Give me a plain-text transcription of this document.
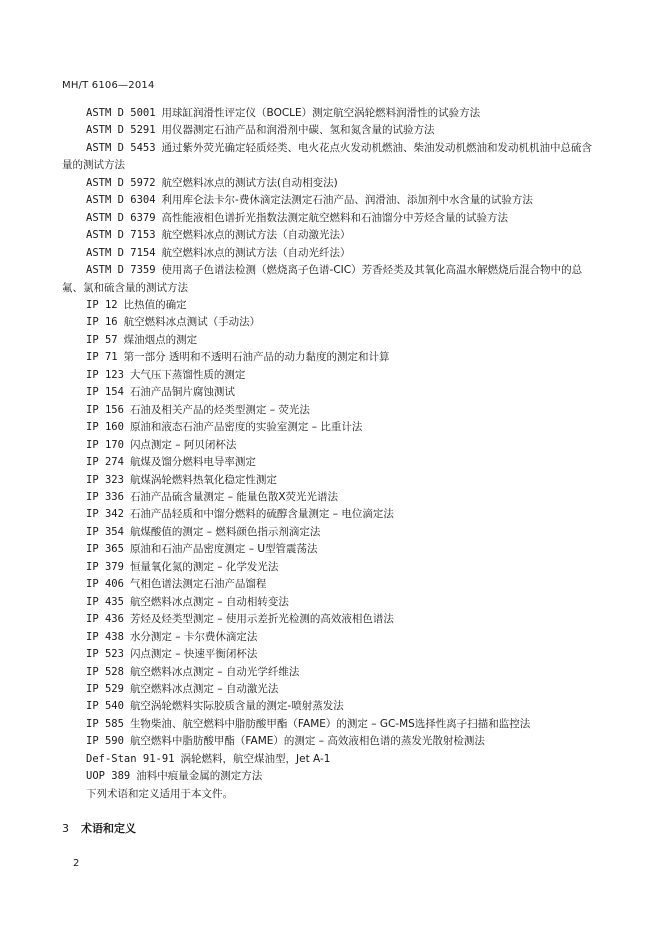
MH/T 6106—2014

ASTM D 5001 用球缸润滑性评定仪（BOCLE）测定航空涡轮燃料润滑性的试验方法

ASTM D 5291 用仪器测定石油产品和润滑剂中碳、氢和氮含量的试验方法

ASTM D 5453 通过紫外荧光确定轻质烃类、电火花点火发动机燃油、柴油发动机燃油和发动机机油中总硫含量的测试方法

ASTM D 5972 航空燃料冰点的测试方法(自动相变法)

ASTM D 6304 利用库仑法卡尔-费休滴定法测定石油产品、润滑油、添加剂中水含量的试验方法

ASTM D 6379 高性能液相色谱折光指数法测定航空燃料和石油馏分中芳烃含量的试验方法

ASTM D 7153 航空燃料冰点的测试方法（自动激光法）

ASTM D 7154 航空燃料冰点的测试方法（自动光纤法）

ASTM D 7359 使用离子色谱法检测（燃烧离子色谱-CIC）芳香烃类及其氧化高温水解燃烧后混合物中的总氟、氯和硫含量的测试方法

IP 12 比热值的确定

IP 16 航空燃料冰点测试（手动法）

IP 57 煤油烟点的测定

IP 71 第一部分 透明和不透明石油产品的动力黏度的测定和计算

IP 123 大气压下蒸馏性质的测定

IP 154 石油产品铜片腐蚀测试

IP 156 石油及相关产品的烃类型测定 – 荧光法

IP 160 原油和液态石油产品密度的实验室测定 – 比重计法

IP 170 闪点测定 – 阿贝闭杯法

IP 274 航煤及馏分燃料电导率测定

IP 323 航煤涡轮燃料热氧化稳定性测定

IP 336 石油产品硫含量测定 – 能量色散X荧光光谱法

IP 342 石油产品轻质和中馏分燃料的硫醇含量测定 – 电位滴定法

IP 354 航煤酸值的测定 – 燃料颜色指示剂滴定法

IP 365 原油和石油产品密度测定 – U型管震荡法

IP 379 恒量氧化氮的测定 – 化学发光法

IP 406 气相色谱法测定石油产品馏程

IP 435 航空燃料冰点测定 – 自动相转变法

IP 436 芳烃及烃类型测定 – 使用示差折光检测的高效液相色谱法

IP 438 水分测定 – 卡尔费休滴定法

IP 523 闪点测定 – 快速平衡闭杯法

IP 528 航空燃料冰点测定 – 自动光学纤维法

IP 529 航空燃料冰点测定 – 自动激光法

IP 540 航空涡轮燃料实际胶质含量的测定-喷射蒸发法

IP 585 生物柴油、航空燃料中脂肪酸甲酯（FAME）的测定 – GC-MS选择性离子扫描和监控法

IP 590 航空燃料中脂肪酸甲酯（FAME）的测定 – 高效液相色谱的蒸发光散射检测法

Def-Stan 91-91 涡轮燃料，航空煤油型，Jet A-1

UOP 389 油料中痕量金属的测定方法

下列术语和定义适用于本文件。

3 术语和定义
2
